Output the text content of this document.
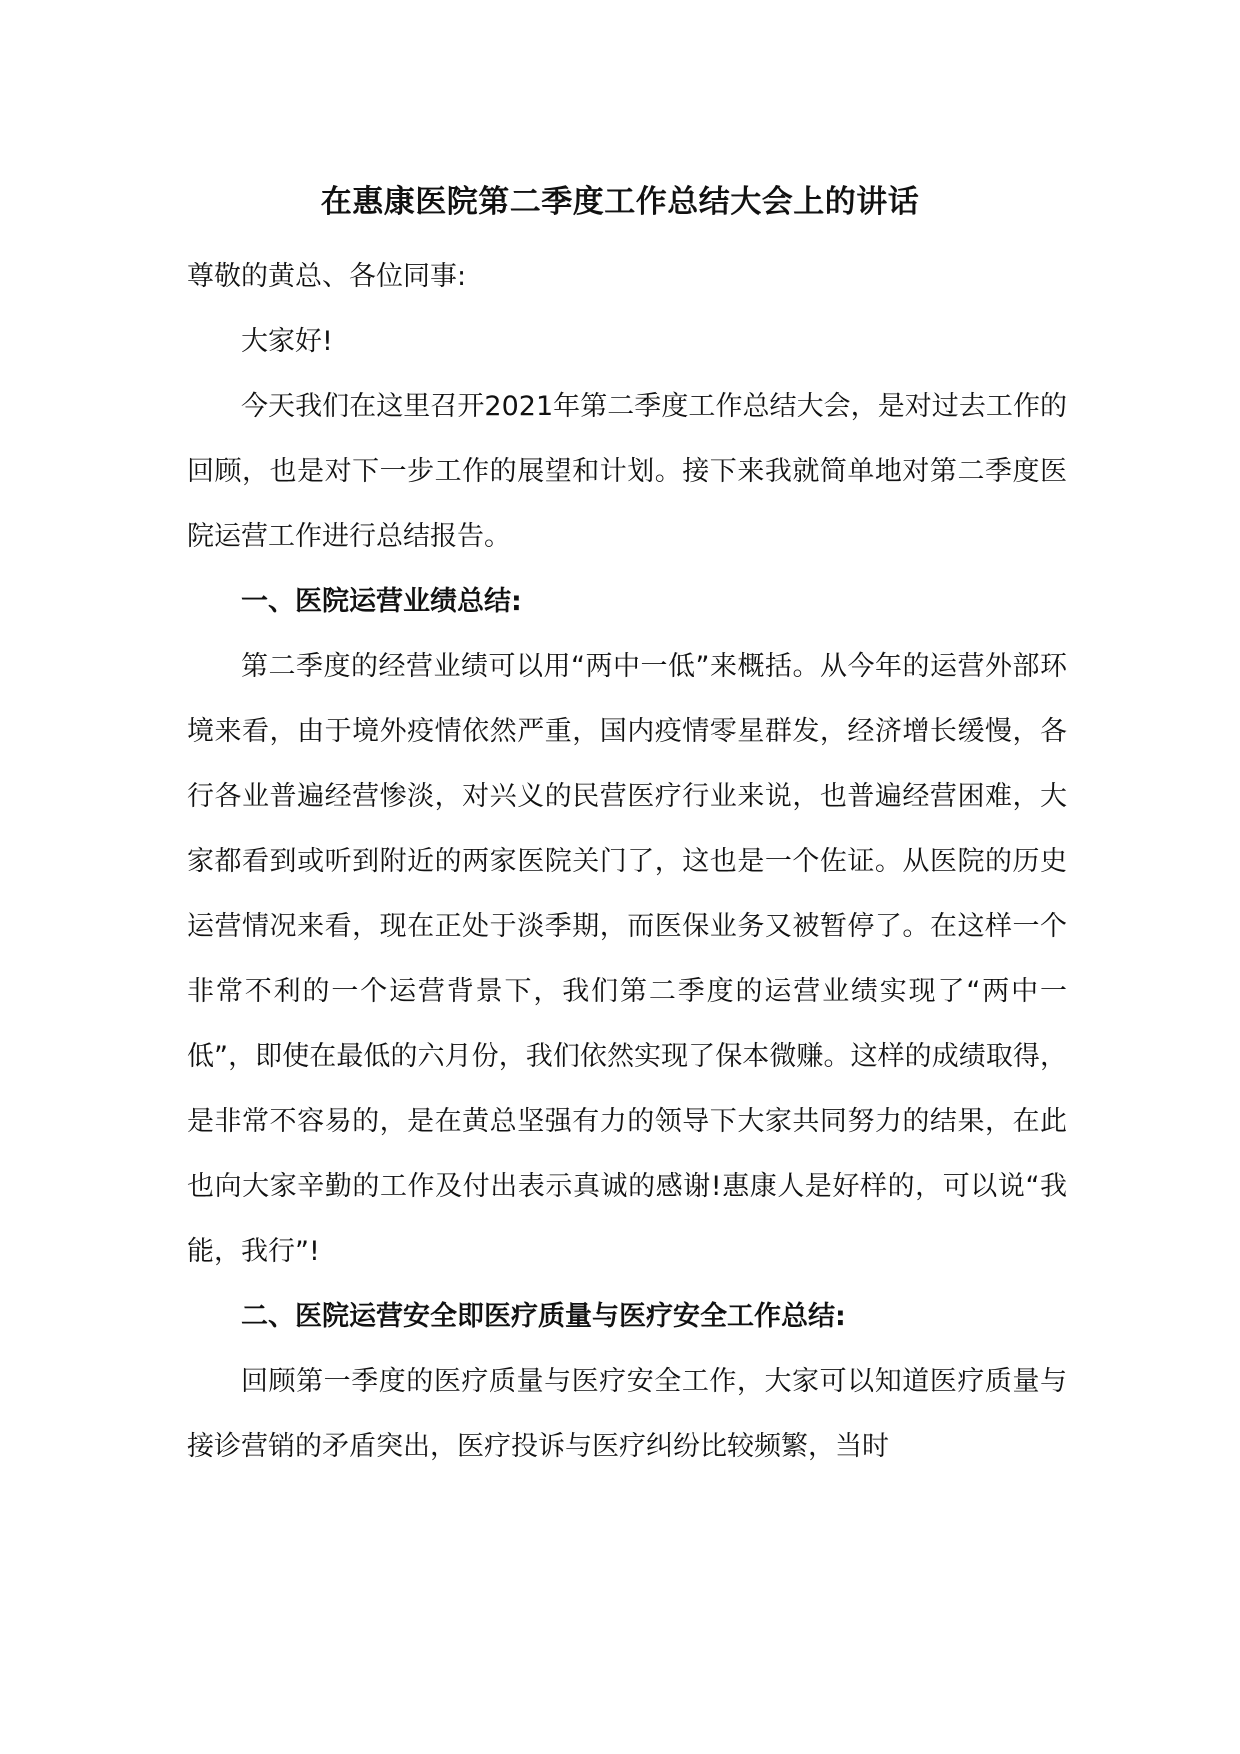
在惠康医院第二季度工作总结大会上的讲话

尊敬的黄总、各位同事:

大家好!

今天我们在这里召开2021年第二季度工作总结大会，是对过去工作的回顾，也是对下一步工作的展望和计划。接下来我就简单地对第二季度医院运营工作进行总结报告。

一、医院运营业绩总结:

第二季度的经营业绩可以用“两中一低”来概括。从今年的运营外部环境来看，由于境外疫情依然严重，国内疫情零星群发，经济增长缓慢，各行各业普遍经营惨淡，对兴义的民营医疗行业来说，也普遍经营困难，大家都看到或听到附近的两家医院关门了，这也是一个佐证。从医院的历史运营情况来看，现在正处于淡季期，而医保业务又被暂停了。在这样一个非常不利的一个运营背景下，我们第二季度的运营业绩实现了“两中一低”，即使在最低的六月份，我们依然实现了保本微赚。这样的成绩取得，是非常不容易的，是在黄总坚强有力的领导下大家共同努力的结果，在此也向大家辛勤的工作及付出表示真诚的感谢!惠康人是好样的，可以说“我能，我行”!

二、医院运营安全即医疗质量与医疗安全工作总结:

回顾第一季度的医疗质量与医疗安全工作，大家可以知道医疗质量与接诊营销的矛盾突出，医疗投诉与医疗纠纷比较频繁，当时
